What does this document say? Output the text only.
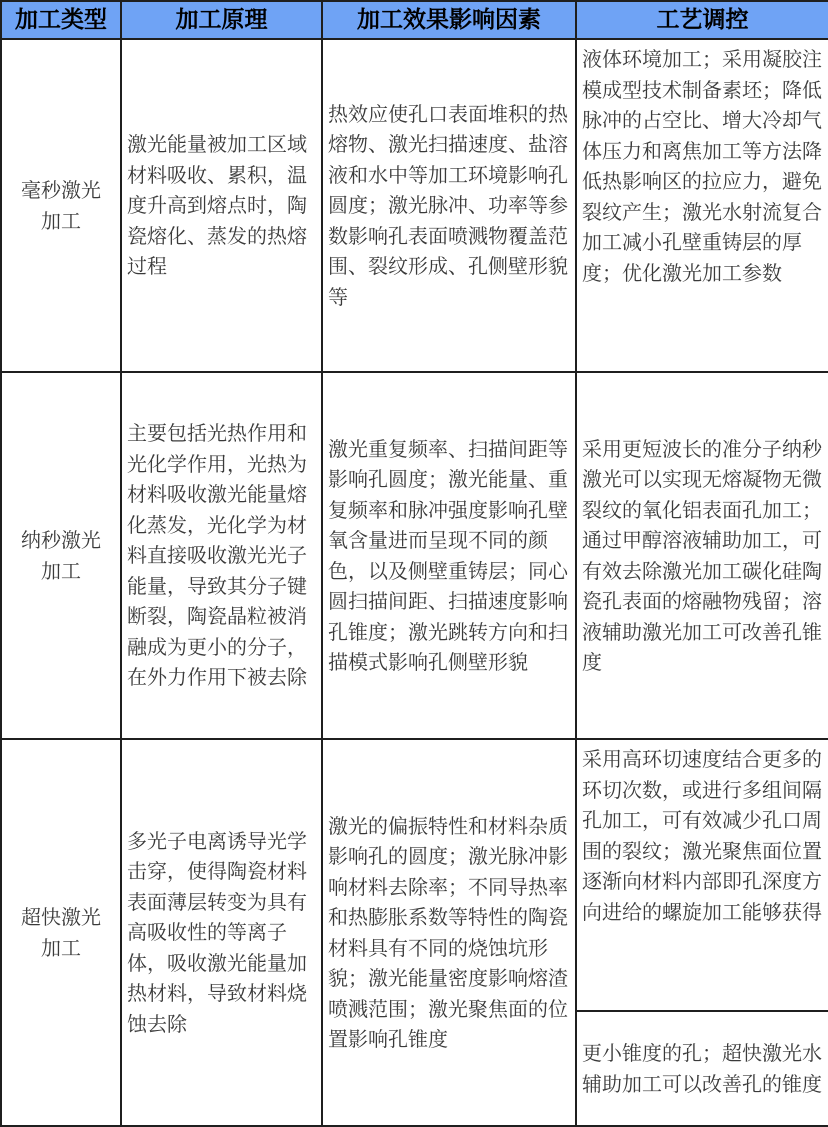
加工类型	加工原理	加工效果影响因素	工艺调控

毫秒激光
加工	激光能量被加工区域材料吸收、累积，温度升高到熔点时，陶瓷熔化、蒸发的热熔过程	热效应使孔口表面堆积的热熔物、激光扫描速度、盐溶液和水中等加工环境影响孔圆度；激光脉冲、功率等参数影响孔表面喷溅物覆盖范围、裂纹形成、孔侧壁形貌等	液体环境加工；采用凝胶注模成型技术制备素坯；降低脉冲的占空比、增大冷却气体压力和离焦加工等方法降低热影响区的拉应力，避免裂纹产生；激光水射流复合加工减小孔壁重铸层的厚度；优化激光加工参数

纳秒激光
加工	主要包括光热作用和光化学作用，光热为材料吸收激光能量熔化蒸发，光化学为材料直接吸收激光光子能量，导致其分子键断裂，陶瓷晶粒被消融成为更小的分子，在外力作用下被去除	激光重复频率、扫描间距等影响孔圆度；激光能量、重复频率和脉冲强度影响孔壁氧含量进而呈现不同的颜色，以及侧壁重铸层；同心圆扫描间距、扫描速度影响孔锥度；激光跳转方向和扫描模式影响孔侧壁形貌	采用更短波长的准分子纳秒激光可以实现无熔凝物无微裂纹的氧化铝表面孔加工；通过甲醇溶液辅助加工，可有效去除激光加工碳化硅陶瓷孔表面的熔融物残留；溶液辅助激光加工可改善孔锥度

超快激光
加工	多光子电离诱导光学击穿，使得陶瓷材料表面薄层转变为具有高吸收性的等离子体，吸收激光能量加热材料，导致材料烧蚀去除	激光的偏振特性和材料杂质影响孔的圆度；激光脉冲影响材料去除率；不同导热率和热膨胀系数等特性的陶瓷材料具有不同的烧蚀坑形貌；激光能量密度影响熔渣喷溅范围；激光聚焦面的位置影响孔锥度	采用高环切速度结合更多的环切次数，或进行多组间隔孔加工，可有效减少孔口周围的裂纹；激光聚焦面位置逐渐向材料内部即孔深度方向进给的螺旋加工能够获得
			更小锥度的孔；超快激光水辅助加工可以改善孔的锥度
